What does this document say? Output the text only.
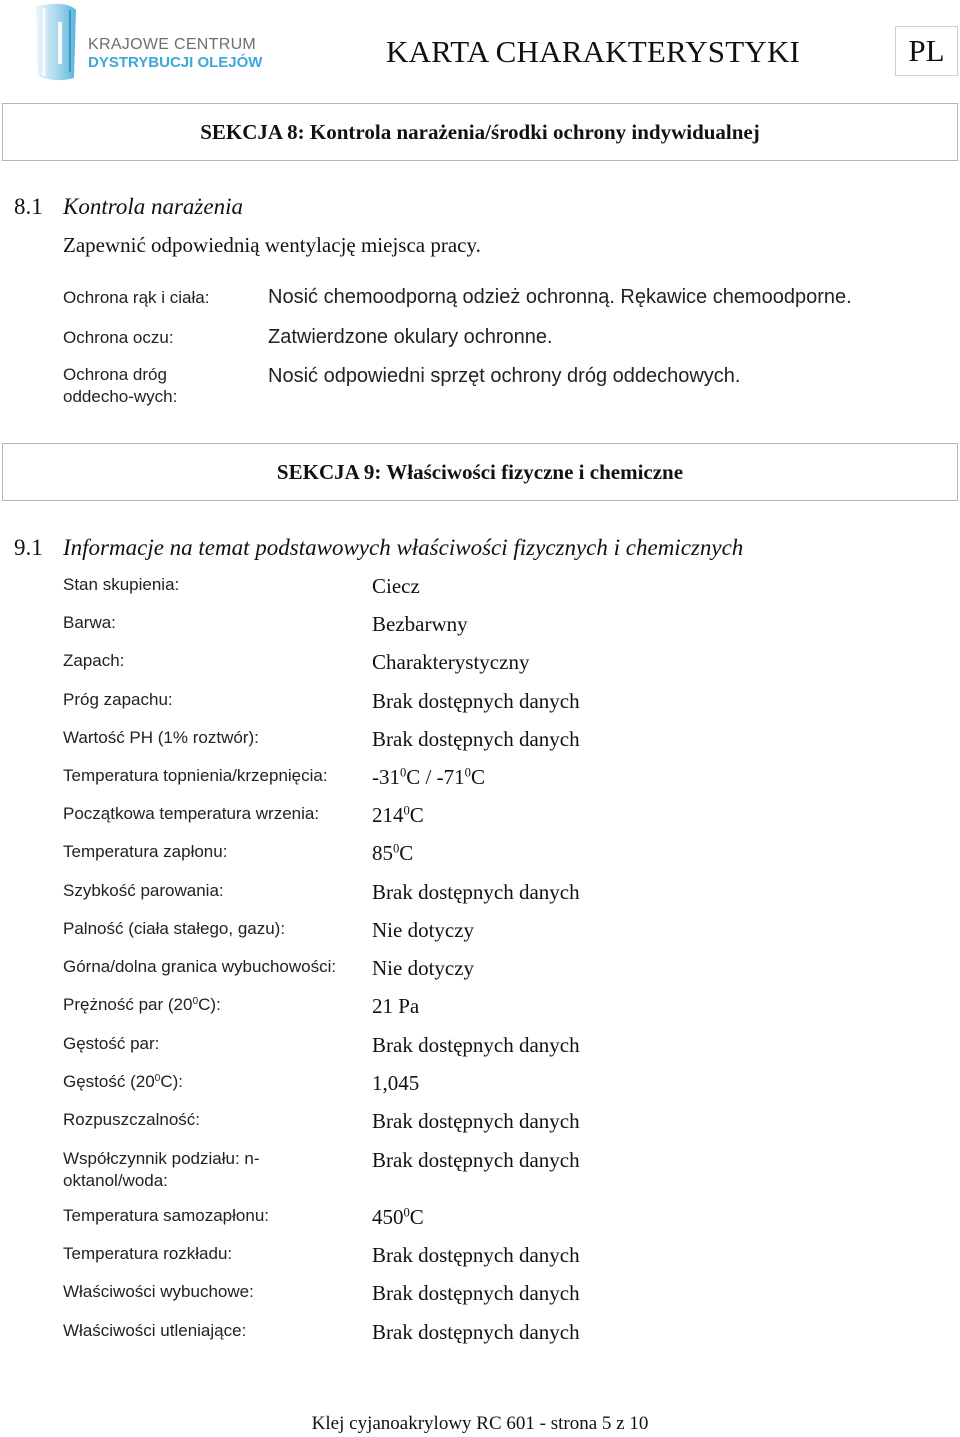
KRAJOWE CENTRUM
DYSTRYBUCJI OLEJÓW	KARTA CHARAKTERYSTYKI	PL
SEKCJA 8: Kontrola narażenia/środki ochrony indywidualnej
8.1 Kontrola narażenia
Zapewnić odpowiednią wentylację miejsca pracy.
Ochrona rąk i ciała:	Nosić chemoodporną odzież ochronną. Rękawice chemoodporne.
Ochrona oczu:	Zatwierdzone okulary ochronne.
Ochrona dróg oddecho-wych:
Nosić odpowiedni sprzęt ochrony dróg oddechowych.
SEKCJA 9: Właściwości fizyczne i chemiczne
9.1 Informacje na temat podstawowych właściwości fizycznych i chemicznych
Stan skupienia:	Ciecz
Barwa:	Bezbarwny
Zapach:	Charakterystyczny
Próg zapachu:	Brak dostępnych danych
Wartość PH (1% roztwór):	Brak dostępnych danych
Temperatura topnienia/krzepnięcia: $-31^0C / -71^0C$
Początkowa temperatura wrzenia:	$214^0C$
Temperatura zapłonu:	$85^0C$
Szybkość parowania:	Brak dostępnych danych
Palność (ciała stałego, gazu):	Nie dotyczy
Górna/dolna granica wybuchowości: Nie dotyczy
Prężność par $(20^0C)$:	21 Pa
Gęstość par:	Brak dostępnych danych
Gęstość $(20^0C)$:	1,045
Rozpuszczalność:	Brak dostępnych danych
Współczynnik podziału: n-oktanol/woda:
Brak dostępnych danych
Temperatura samozapłonu:	$450^0C$
Temperatura rozkładu:	Brak dostępnych danych
Właściwości wybuchowe:	Brak dostępnych danych
Właściwości utleniające:	Brak dostępnych danych
Klej cyjanoakrylowy RC 601 - strona 5 z 10
